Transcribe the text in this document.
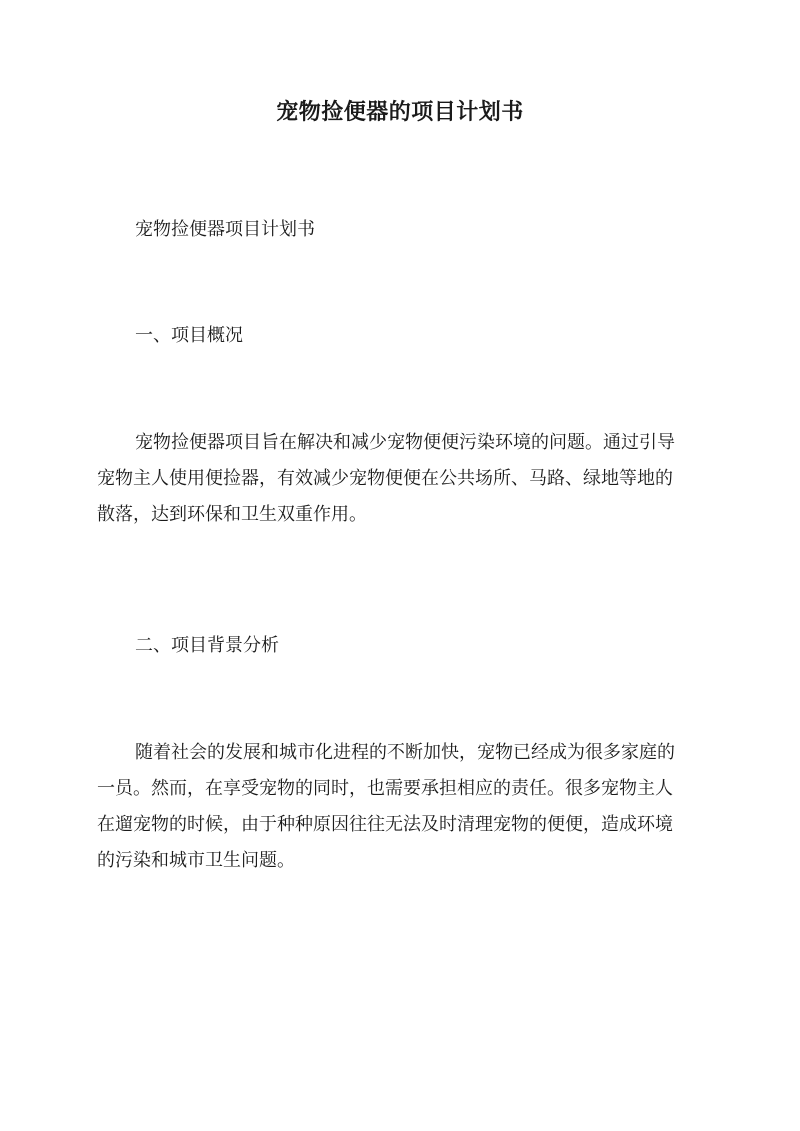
宠物捡便器的项目计划书
宠物捡便器项目计划书
一、项目概况
宠物捡便器项目旨在解决和减少宠物便便污染环境的问题。通过引导
宠物主人使用便捡器，有效减少宠物便便在公共场所、马路、绿地等地的
散落，达到环保和卫生双重作用。
二、项目背景分析
随着社会的发展和城市化进程的不断加快，宠物已经成为很多家庭的
一员。然而，在享受宠物的同时，也需要承担相应的责任。很多宠物主人
在遛宠物的时候，由于种种原因往往无法及时清理宠物的便便，造成环境
的污染和城市卫生问题。
